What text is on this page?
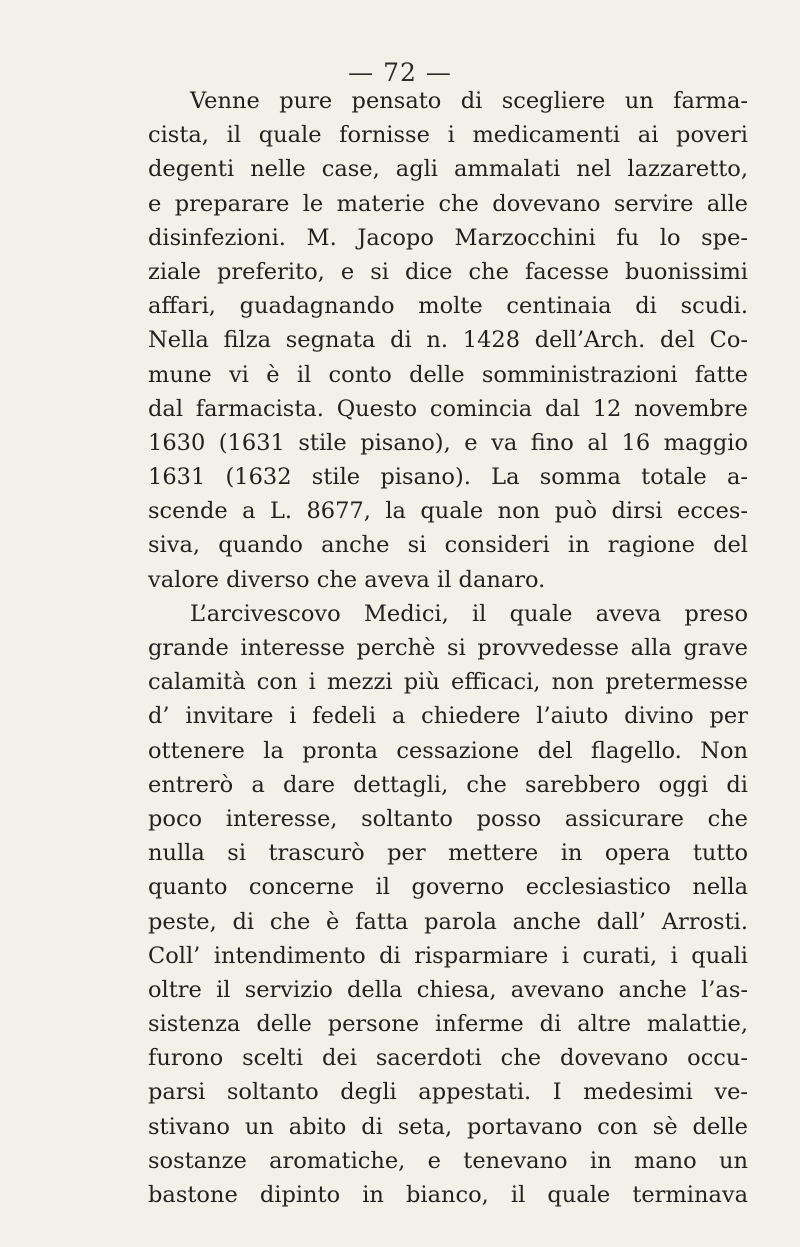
— 72 —
Venne pure pensato di scegliere un farma-
cista, il quale fornisse i medicamenti ai poveri
degenti nelle case, agli ammalati nel lazzaretto,
e preparare le materie che dovevano servire alle
disinfezioni. M. Jacopo Marzocchini fu lo spe-
ziale preferito, e si dice che facesse buonissimi
affari, guadagnando molte centinaia di scudi.
Nella filza segnata di n. 1428 dell’Arch. del Co-
mune vi è il conto delle somministrazioni fatte
dal farmacista. Questo comincia dal 12 novembre
1630 (1631 stile pisano), e va fino al 16 maggio
1631 (1632 stile pisano). La somma totale a-
scende a L. 8677, la quale non può dirsi ecces-
siva, quando anche si consideri in ragione del
valore diverso che aveva il danaro.
L’arcivescovo Medici, il quale aveva preso
grande interesse perchè si provvedesse alla grave
calamità con i mezzi più efficaci, non pretermesse
d’ invitare i fedeli a chiedere l’aiuto divino per
ottenere la pronta cessazione del flagello. Non
entrerò a dare dettagli, che sarebbero oggi di
poco interesse, soltanto posso assicurare che
nulla si trascurò per mettere in opera tutto
quanto concerne il governo ecclesiastico nella
peste, di che è fatta parola anche dall’ Arrosti.
Coll’ intendimento di risparmiare i curati, i quali
oltre il servizio della chiesa, avevano anche l’as-
sistenza delle persone inferme di altre malattie,
furono scelti dei sacerdoti che dovevano occu-
parsi soltanto degli appestati. I medesimi ve-
stivano un abito di seta, portavano con sè delle
sostanze aromatiche, e tenevano in mano un
bastone dipinto in bianco, il quale terminava
